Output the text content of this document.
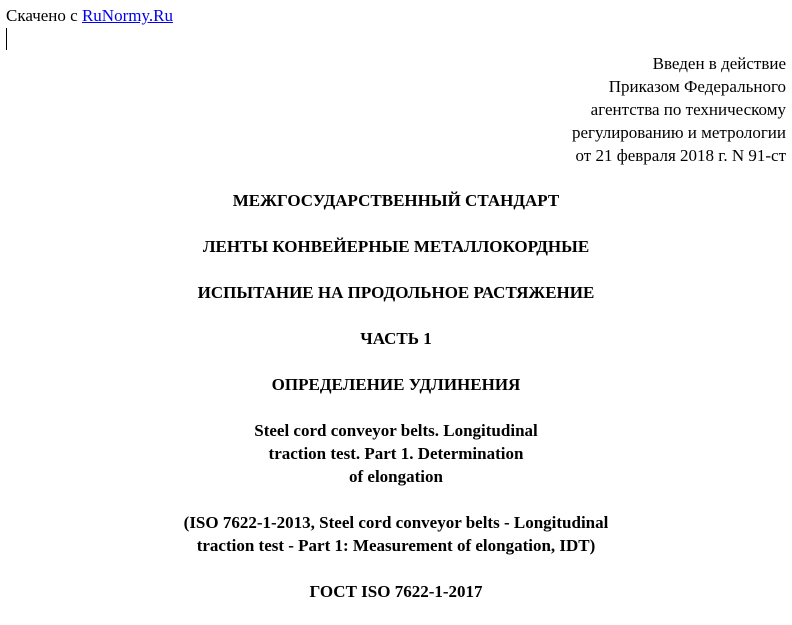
Скачено с RuNormy.Ru
Введен в действие
Приказом Федерального
агентства по техническому
регулированию и метрологии
от 21 февраля 2018 г. N 91-ст
МЕЖГОСУДАРСТВЕННЫЙ СТАНДАРТ
ЛЕНТЫ КОНВЕЙЕРНЫЕ МЕТАЛЛОКОРДНЫЕ
ИСПЫТАНИЕ НА ПРОДОЛЬНОЕ РАСТЯЖЕНИЕ
ЧАСТЬ 1
ОПРЕДЕЛЕНИЕ УДЛИНЕНИЯ
Steel cord conveyor belts. Longitudinal
traction test. Part 1. Determination
of elongation
(ISO 7622-1-2013, Steel cord conveyor belts - Longitudinal
traction test - Part 1: Measurement of elongation, IDT)
ГОСТ ISO 7622-1-2017
